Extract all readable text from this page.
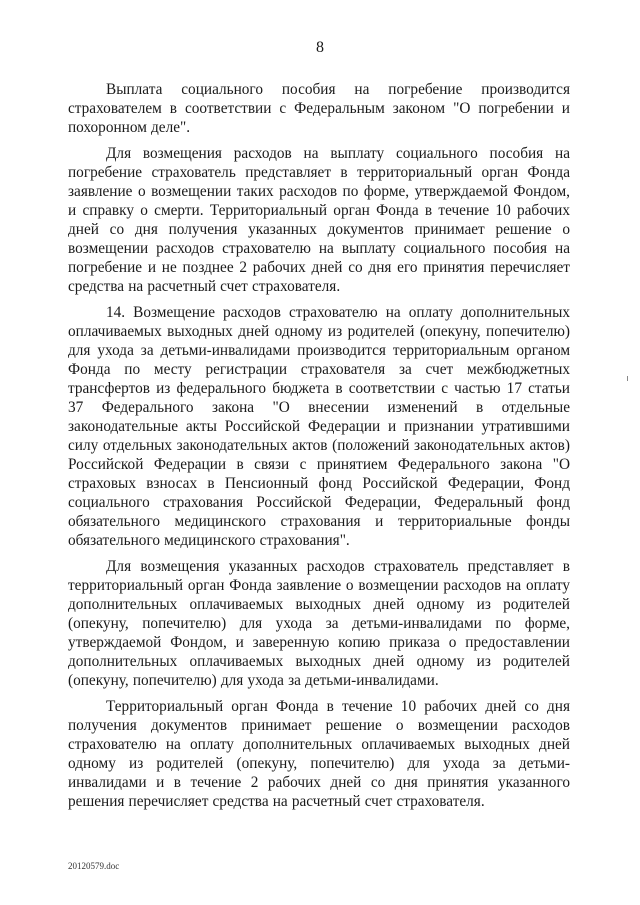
8

Выплата социального пособия на погребение производится страхователем в соответствии с Федеральным законом "О погребении и похоронном деле".

Для возмещения расходов на выплату социального пособия на погребение страхователь представляет в территориальный орган Фонда заявление о возмещении таких расходов по форме, утверждаемой Фондом, и справку о смерти. Территориальный орган Фонда в течение 10 рабочих дней со дня получения указанных документов принимает решение о возмещении расходов страхователю на выплату социального пособия на погребение и не позднее 2 рабочих дней со дня его принятия перечисляет средства на расчетный счет страхователя.

14. Возмещение расходов страхователю на оплату дополнительных оплачиваемых выходных дней одному из родителей (опекуну, попечителю) для ухода за детьми-инвалидами производится территориальным органом Фонда по месту регистрации страхователя за счет межбюджетных трансфертов из федерального бюджета в соответствии с частью 17 статьи 37 Федерального закона "О внесении изменений в отдельные законодательные акты Российской Федерации и признании утратившими силу отдельных законодательных актов (положений законодательных актов) Российской Федерации в связи с принятием Федерального закона "О страховых взносах в Пенсионный фонд Российской Федерации, Фонд социального страхования Российской Федерации, Федеральный фонд обязательного медицинского страхования и территориальные фонды обязательного медицинского страхования".

Для возмещения указанных расходов страхователь представляет в территориальный орган Фонда заявление о возмещении расходов на оплату дополнительных оплачиваемых выходных дней одному из родителей (опекуну, попечителю) для ухода за детьми-инвалидами по форме, утверждаемой Фондом, и заверенную копию приказа о предоставлении дополнительных оплачиваемых выходных дней одному из родителей (опекуну, попечителю) для ухода за детьми-инвалидами.

Территориальный орган Фонда в течение 10 рабочих дней со дня получения документов принимает решение о возмещении расходов страхователю на оплату дополнительных оплачиваемых выходных дней одному из родителей (опекуну, попечителю) для ухода за детьми-инвалидами и в течение 2 рабочих дней со дня принятия указанного решения перечисляет средства на расчетный счет страхователя.

20120579.doc
